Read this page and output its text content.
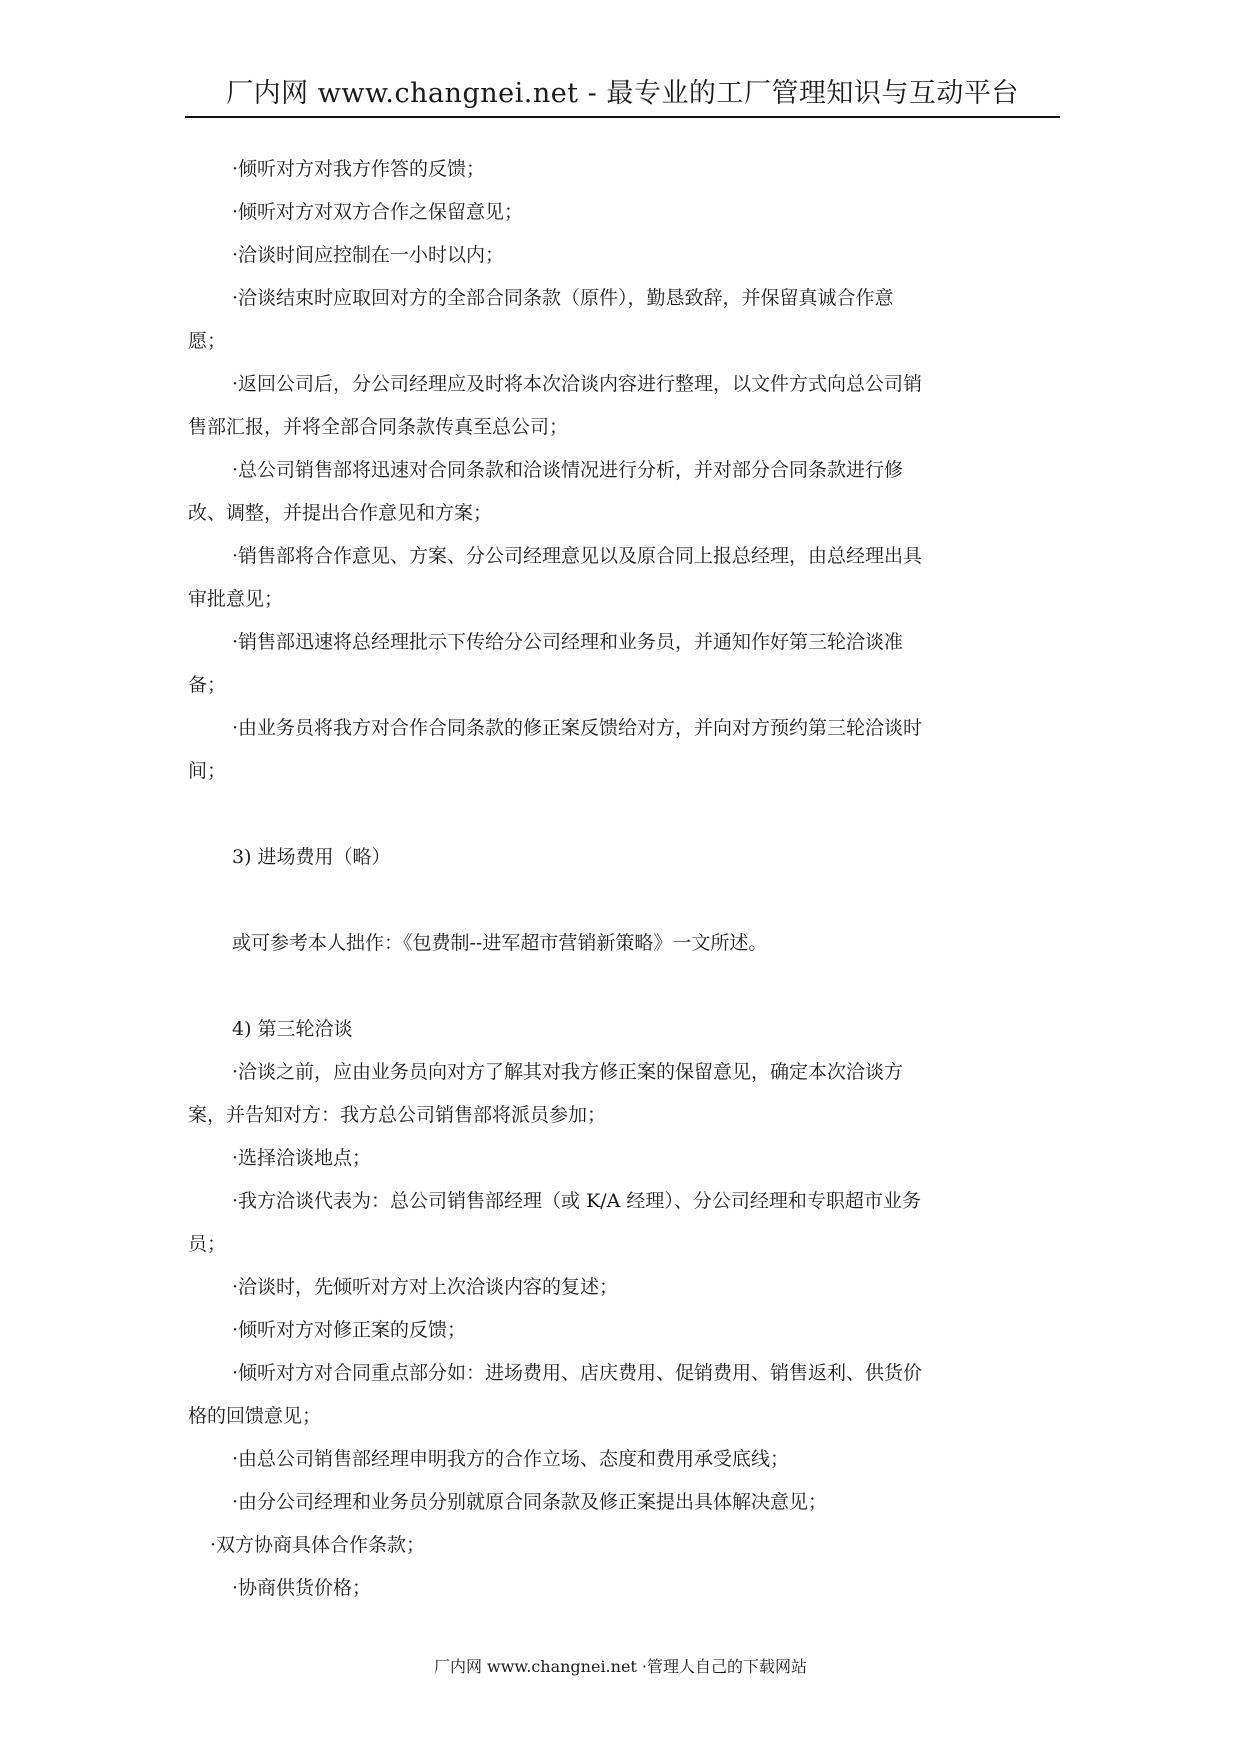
厂内网 www.changnei.net - 最专业的工厂管理知识与互动平台

·倾听对方对我方作答的反馈；

·倾听对方对双方合作之保留意见；

·洽谈时间应控制在一小时以内；

·洽谈结束时应取回对方的全部合同条款（原件），勤恳致辞，并保留真诚合作意

愿；

·返回公司后，分公司经理应及时将本次洽谈内容进行整理，以文件方式向总公司销

售部汇报，并将全部合同条款传真至总公司；

·总公司销售部将迅速对合同条款和洽谈情况进行分析，并对部分合同条款进行修

改、调整，并提出合作意见和方案；

·销售部将合作意见、方案、分公司经理意见以及原合同上报总经理，由总经理出具

审批意见；

·销售部迅速将总经理批示下传给分公司经理和业务员，并通知作好第三轮洽谈准

备；

·由业务员将我方对合作合同条款的修正案反馈给对方，并向对方预约第三轮洽谈时

间；

3) 进场费用（略）

或可参考本人拙作：《包费制--进军超市营销新策略》一文所述。

4) 第三轮洽谈

·洽谈之前，应由业务员向对方了解其对我方修正案的保留意见，确定本次洽谈方

案，并告知对方：我方总公司销售部将派员参加；

·选择洽谈地点；

·我方洽谈代表为：总公司销售部经理（或 K/A 经理）、分公司经理和专职超市业务

员；

·洽谈时，先倾听对方对上次洽谈内容的复述；

·倾听对方对修正案的反馈；

·倾听对方对合同重点部分如：进场费用、店庆费用、促销费用、销售返利、供货价

格的回馈意见；

·由总公司销售部经理申明我方的合作立场、态度和费用承受底线；

·由分公司经理和业务员分别就原合同条款及修正案提出具体解决意见；

·双方协商具体合作条款；

·协商供货价格；

厂内网 www.changnei.net ·管理人自己的下载网站
